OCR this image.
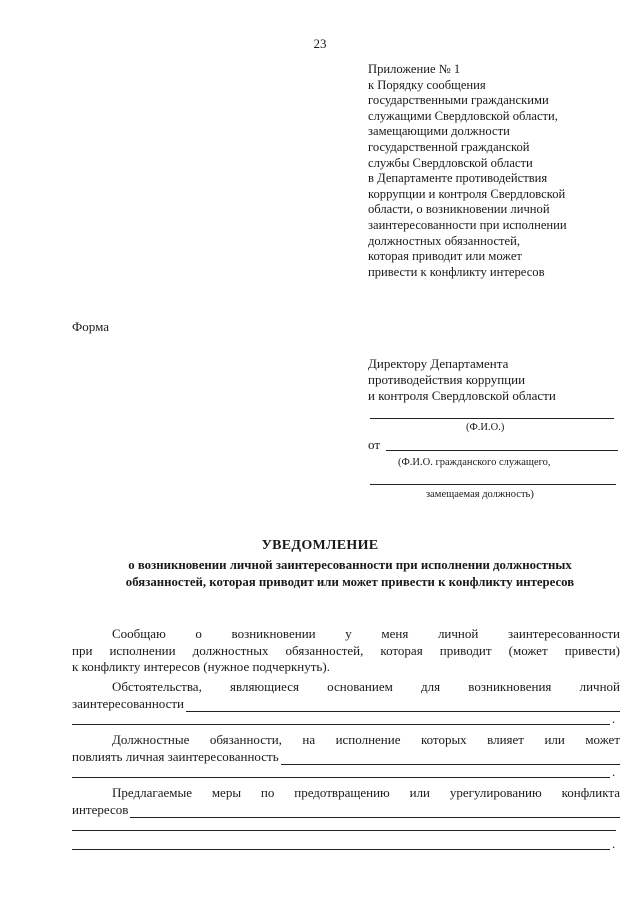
23
Приложение № 1
к Порядку сообщения
государственными гражданскими
служащими Свердловской области,
замещающими должности
государственной гражданской
службы Свердловской области
в Департаменте противодействия
коррупции и контроля Свердловской
области, о возникновении личной
заинтересованности при исполнении
должностных обязанностей,
которая приводит или может
привести к конфликту интересов
Форма
Директору Департамента
противодействия коррупции
и контроля Свердловской области
(Ф.И.О.)
от
(Ф.И.О. гражданского служащего,
замещаемая должность)
УВЕДОМЛЕНИЕ
о возникновении личной заинтересованности при исполнении должностных
обязанностей, которая приводит или может привести к конфликту интересов
Сообщаю о возникновении у меня личной заинтересованности
при исполнении должностных обязанностей, которая приводит (может привести)
к конфликту интересов (нужное подчеркнуть).
Обстоятельства, являющиеся основанием для возникновения личной
заинтересованности
.
Должностные обязанности, на исполнение которых влияет или может
повлиять личная заинтересованность
.
Предлагаемые меры по предотвращению или урегулированию конфликта
интересов
.
